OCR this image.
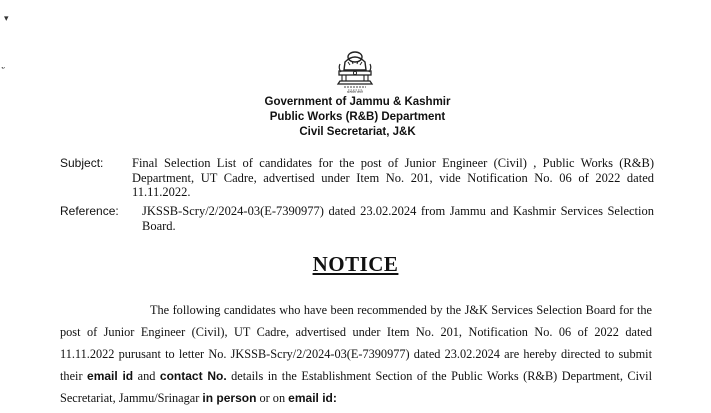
▾
सत्यमेव जयते
Government of Jammu & Kashmir
Public Works (R&B) Department
Civil Secretariat, J&K
Subject: Final Selection List of candidates for the post of Junior Engineer (Civil) , Public Works (R&B) Department, UT Cadre, advertised under Item No. 201, vide Notification No. 06 of 2022 dated 11.11.2022.
Reference: JKSSB-Scry/2/2024-03(E-7390977) dated 23.02.2024 from Jammu and Kashmir Services Selection Board.
NOTICE
The following candidates who have been recommended by the J&K Services Selection Board for the post of Junior Engineer (Civil), UT Cadre, advertised under Item No. 201, Notification No. 06 of 2022 dated 11.11.2022 purusant to letter No. JKSSB-Scry/2/2024-03(E-7390977) dated 23.02.2024 are hereby directed to submit their email id and contact No. details in the Establishment Section of the Public Works (R&B) Department, Civil Secretariat, Jammu/Srinagar in person or on email id:
